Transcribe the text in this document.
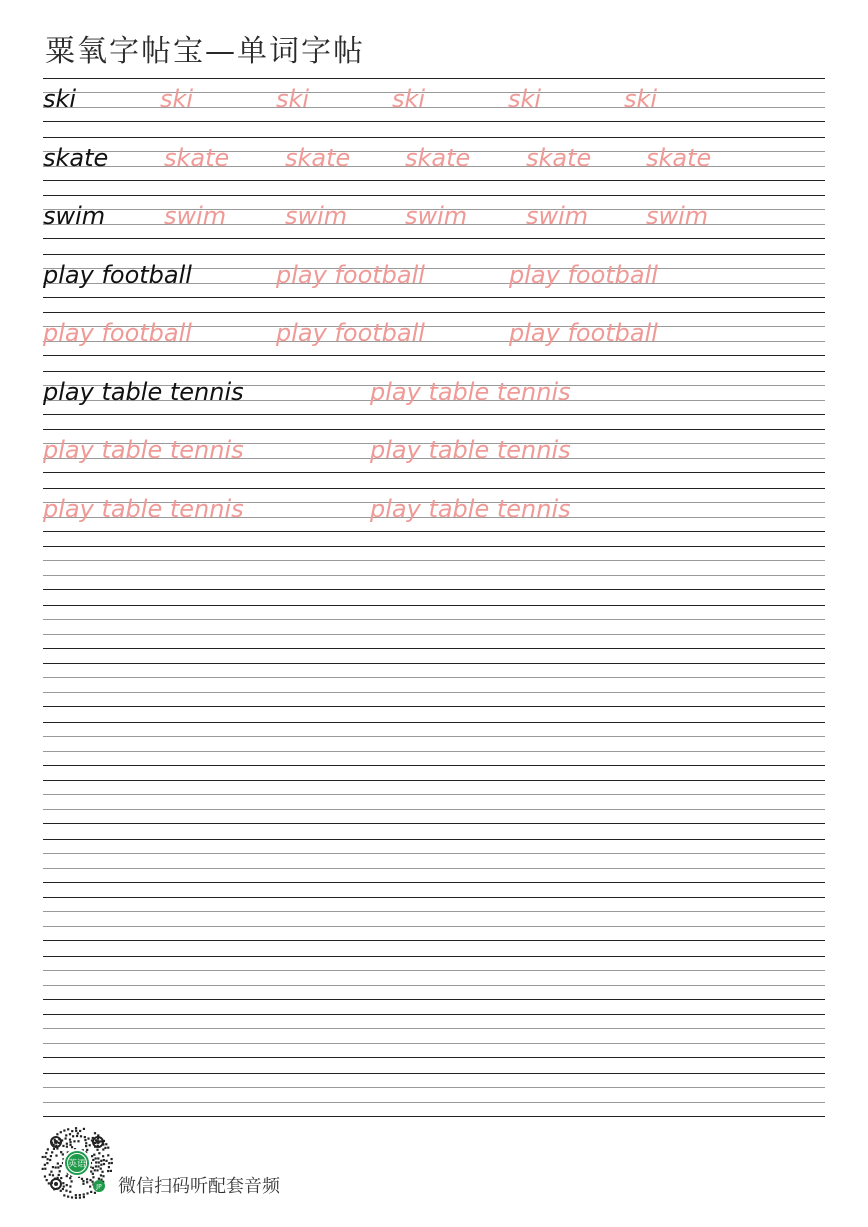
粟氧字帖宝—单词字帖
ski	ski	ski	ski	ski	ski
skate skate skate skate skate skate
swim swim swim swim swim swim
play football	play football	play football
play football	play football	play football
play table tennis	play table tennis
play table tennis	play table tennis
play table tennis	play table tennis
英语
JP 微信扫码听配套音频
